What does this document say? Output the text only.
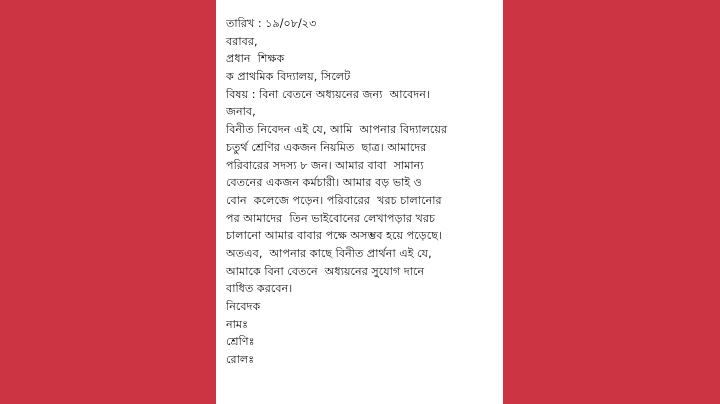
তারিখ : ১৯/০৮/২৩
বরাবর,
প্রধান  শিক্ষক
ক প্রাথমিক বিদ্যালয়, সিলেট
বিষয় : বিনা বেতনে অধ্যয়নের জন্য  আবেদন।
জনাব,
বিনীত নিবেদন এই যে, আমি  আপনার বিদ্যালয়ের
চতুর্থ শ্রেণির একজন নিয়মিত  ছাত্র। আমাদের
পরিবারের সদস্য ৮ জন। আমার বাবা  সামান্য
বেতনের একজন কর্মচারী। আমার বড় ভাই ও
বোন  কলেজে পড়েন। পরিবারের  খরচ চালানোর
পর আমাদের  তিন ভাইবোনের লেখাপড়ার খরচ
চালানো আমার বাবার পক্ষে অসম্ভব হয়ে পড়েছে।
অতএব,  আপনার কাছে বিনীত প্রার্থনা এই যে,
আমাকে বিনা বেতনে  অধ্যয়নের সুযোগ দানে
বাধিত করবেন।
নিবেদক
নামঃ
শ্রেণিঃ
রোলঃ
